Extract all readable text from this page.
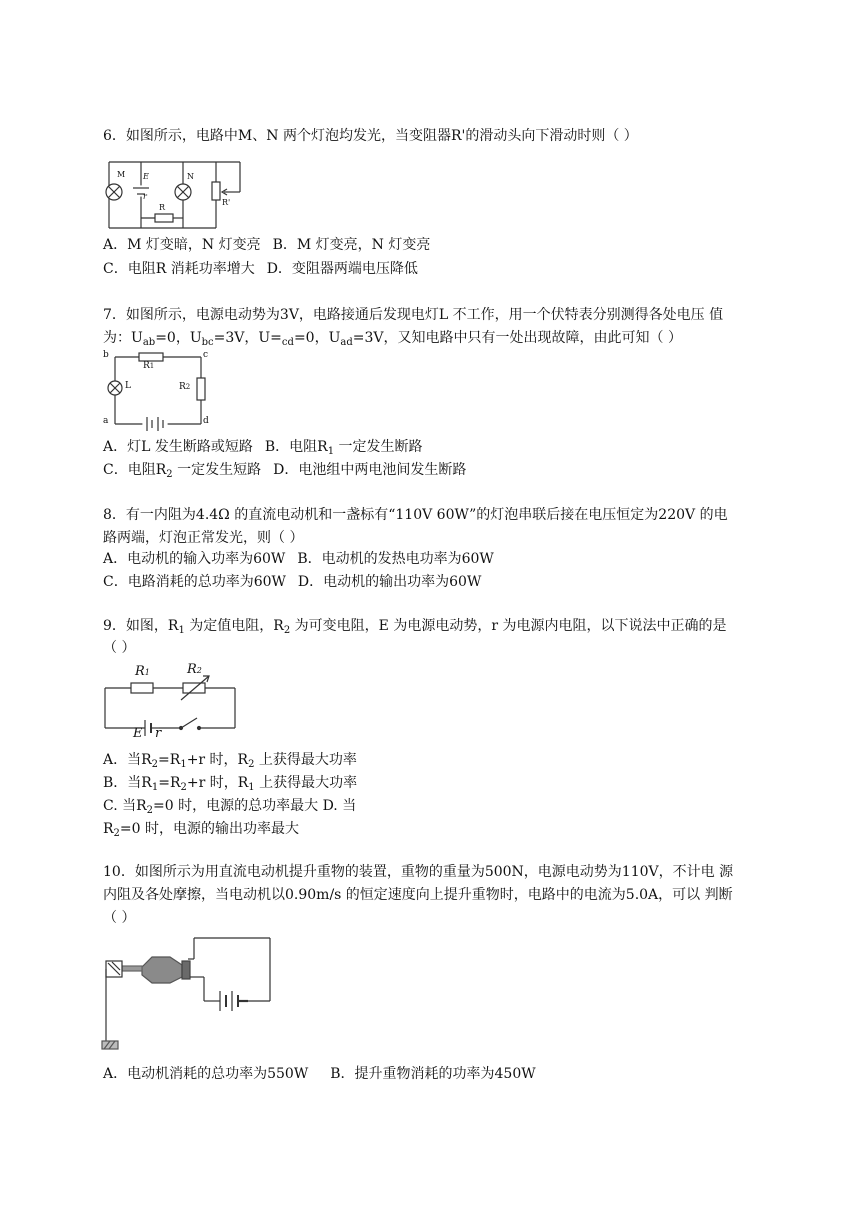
6．如图所示，电路中M、N 两个灯泡均发光，当变阻器R'的滑动头向下滑动时则（ ）
M E
r
N
R'
R
A．M 灯变暗，N 灯变亮 B．M 灯变亮，N 灯变亮
C．电阻R 消耗功率增大 D．变阻器两端电压降低
7．如图所示，电源电动势为3V，电路接通后发现电灯L 不工作，用一个伏特表分别测得各处电压 值
为：$U_{ab}=0$，$U_{bc}=3V$，$U=_{cd}=0$，$U_{ad}=3V$，又知电路中只有一处出现故障，由此可知（ ）
b
R1
c
L	R2
a	d
A．灯L 发生断路或短路 B．电阻$R_1$ 一定发生断路
C．电阻$R_2$ 一定发生短路 D．电池组中两电池间发生断路
8．有一内阻为4.4Ω 的直流电动机和一盏标有“110V 60W”的灯泡串联后接在电压恒定为220V 的电
路两端，灯泡正常发光，则（ ）
A．电动机的输入功率为60W B．电动机的发热电功率为60W
C．电路消耗的总功率为60W D．电动机的输出功率为60W
9．如图，$R_1$ 为定值电阻，$R_2$ 为可变电阻，E 为电源电动势，r 为电源内电阻，以下说法中正确的是
（ ）
R1	R2
E r
A．当$R_2=R_1+r$ 时，$R_2$ 上获得最大功率
B．当$R_1=R_2+r$ 时，$R_1$ 上获得最大功率
C. 当$R_2=0$ 时，电源的总功率最大 D. 当
$R_2=0$ 时，电源的输出功率最大
10．如图所示为用直流电动机提升重物的装置，重物的重量为500N，电源电动势为110V，不计电 源
内阻及各处摩擦，当电动机以0.90m/s 的恒定速度向上提升重物时，电路中的电流为5.0A，可以 判断
（ ）
A．电动机消耗的总功率为550W B．提升重物消耗的功率为450W
